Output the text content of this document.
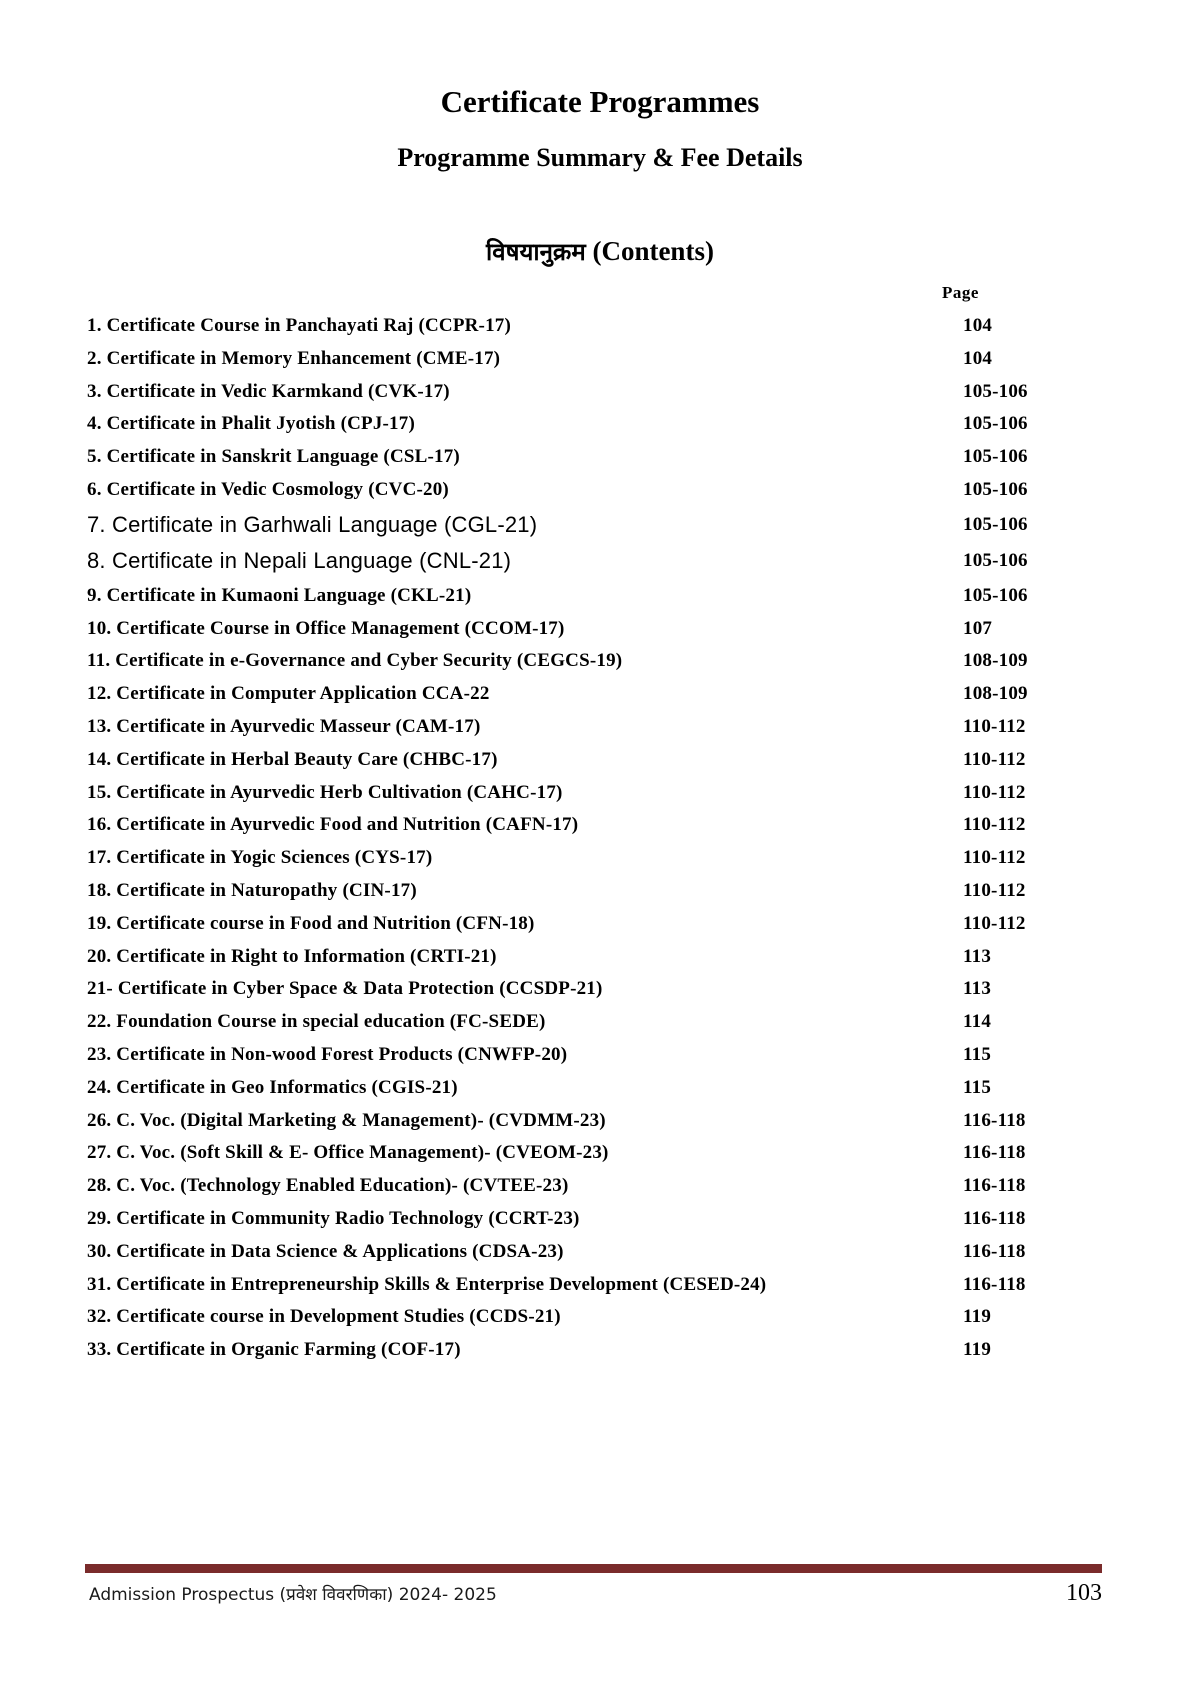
Certificate Programmes
Programme Summary & Fee Details
विषयानुक्रम (Contents)
Page
1. Certificate Course in Panchayati Raj (CCPR-17)	104
2. Certificate in Memory Enhancement (CME-17)	104
3. Certificate in Vedic Karmkand (CVK-17)	105-106
4. Certificate in Phalit Jyotish (CPJ-17)	105-106
5. Certificate in Sanskrit Language (CSL-17)	105-106
6. Certificate in Vedic Cosmology (CVC-20)	105-106
7. Certificate in Garhwali Language (CGL-21)	105-106
8. Certificate in Nepali Language (CNL-21)	105-106
9. Certificate in Kumaoni Language (CKL-21)	105-106
10. Certificate Course in Office Management (CCOM-17)	107
11. Certificate in e-Governance and Cyber Security (CEGCS-19)	108-109
12. Certificate in Computer Application CCA-22	108-109
13. Certificate in Ayurvedic Masseur (CAM-17)	110-112
14. Certificate in Herbal Beauty Care (CHBC-17)	110-112
15. Certificate in Ayurvedic Herb Cultivation (CAHC-17)	110-112
16. Certificate in Ayurvedic Food and Nutrition (CAFN-17)	110-112
17. Certificate in Yogic Sciences (CYS-17)	110-112
18. Certificate in Naturopathy (CIN-17)	110-112
19. Certificate course in Food and Nutrition (CFN-18)	110-112
20. Certificate in Right to Information (CRTI-21)	113
21- Certificate in Cyber Space & Data Protection (CCSDP-21)	113
22. Foundation Course in special education (FC-SEDE)	114
23. Certificate in Non-wood Forest Products (CNWFP-20)	115
24. Certificate in Geo Informatics (CGIS-21)	115
26. C. Voc. (Digital Marketing & Management)- (CVDMM-23)	116-118
27. C. Voc. (Soft Skill & E- Office Management)- (CVEOM-23)	116-118
28. C. Voc. (Technology Enabled Education)- (CVTEE-23)	116-118
29. Certificate in Community Radio Technology (CCRT-23)	116-118
30. Certificate in Data Science & Applications (CDSA-23)	116-118
31. Certificate in Entrepreneurship Skills & Enterprise Development (CESED-24)	116-118
32. Certificate course in Development Studies (CCDS-21)	119
33. Certificate in Organic Farming (COF-17)	119
Admission Prospectus (प्रवेश विवरणिका) 2024- 2025	103
